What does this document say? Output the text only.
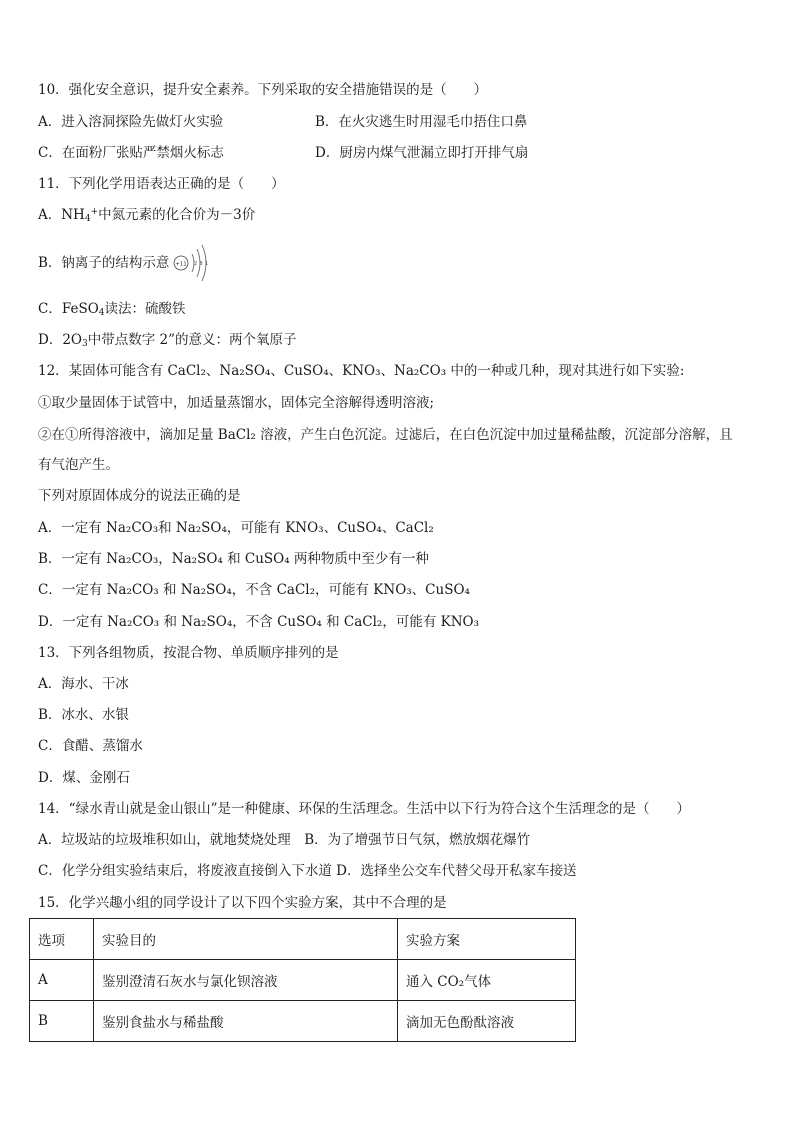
10．强化安全意识，提升安全素养。下列采取的安全措施错误的是（　　）
A．进入溶洞探险先做灯火实验	B．在火灾逃生时用湿毛巾捂住口鼻
C．在面粉厂张贴严禁烟火标志	D．厨房内煤气泄漏立即打开排气扇
11．下列化学用语表达正确的是（　　）
A．$NH_4^+$中氮元素的化合价为－3价
B．钠离子的结构示意 +11 2 8 1
C．FeSO$_4$读法：硫酸铁
D．$2O_3$中带点数字 2”的意义：两个氧原子
12．某固体可能含有 CaCl₂、Na₂SO₄、CuSO₄、KNO₃、Na₂CO₃ 中的一种或几种，现对其进行如下实验:
①取少量固体于试管中，加适量蒸馏水，固体完全溶解得透明溶液;
②在①所得溶液中，滴加足量 BaCl₂ 溶液，产生白色沉淀。过滤后，在白色沉淀中加过量稀盐酸，沉淀部分溶解，且
有气泡产生。
下列对原固体成分的说法正确的是
A．一定有 Na₂CO₃和 Na₂SO₄，可能有 KNO₃、CuSO₄、CaCl₂
B．一定有 Na₂CO₃，Na₂SO₄ 和 CuSO₄ 两种物质中至少有一种
C．一定有 Na₂CO₃ 和 Na₂SO₄，不含 CaCl₂，可能有 KNO₃、CuSO₄
D．一定有 Na₂CO₃ 和 Na₂SO₄，不含 CuSO₄ 和 CaCl₂，可能有 KNO₃
13．下列各组物质，按混合物、单质顺序排列的是
A．海水、干冰
B．冰水、水银
C．食醋、蒸馏水
D．煤、金刚石
14．“绿水青山就是金山银山”是一种健康、环保的生活理念。生活中以下行为符合这个生活理念的是（　　）
A．垃圾站的垃圾堆积如山，就地焚烧处理　B．为了增强节日气氛，燃放烟花爆竹
C．化学分组实验结束后，将废液直接倒入下水道 D．选择坐公交车代替父母开私家车接送
15．化学兴趣小组的同学设计了以下四个实验方案，其中不合理的是
选项	实验目的	实验方案
A	鉴别澄清石灰水与氯化钡溶液	通入 CO₂气体
B	鉴别食盐水与稀盐酸	滴加无色酚酞溶液
